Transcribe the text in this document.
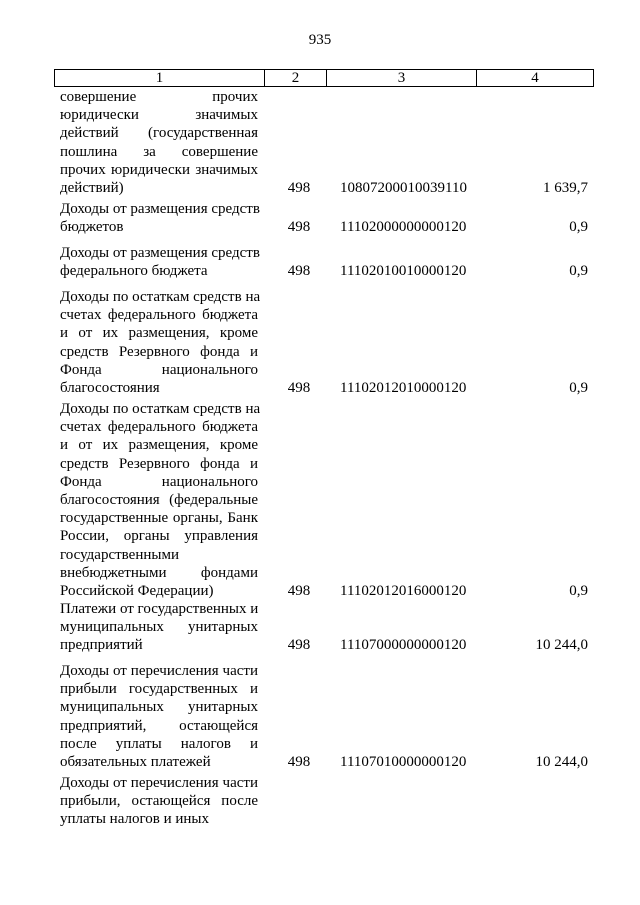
935
1	2	3	4
совершение прочих
юридически значимых
действий (государственная
пошлина за совершение
прочих юридически значимых
действий)	498 10807200010039110	1 639,7
Доходы от размещения средств
бюджетов	498 11102000000000120	0,9
Доходы от размещения средств
федерального бюджета	498 11102010010000120	0,9
Доходы по остаткам средств на
счетах федерального бюджета
и от их размещения, кроме
средств Резервного фонда и
Фонда национального
благосостояния	498 11102012010000120	0,9
Доходы по остаткам средств на
счетах федерального бюджета
и от их размещения, кроме
средств Резервного фонда и
Фонда национального
благосостояния (федеральные
государственные органы, Банк
России, органы управления
государственными
внебюджетными фондами
Российской Федерации)	498 11102012016000120	0,9
Платежи от государственных и
муниципальных унитарных
предприятий	498 11107000000000120	10 244,0
Доходы от перечисления части
прибыли государственных и
муниципальных унитарных
предприятий, остающейся
после уплаты налогов и
обязательных платежей	498 11107010000000120	10 244,0
Доходы от перечисления части
прибыли, остающейся после
уплаты налогов и иных
